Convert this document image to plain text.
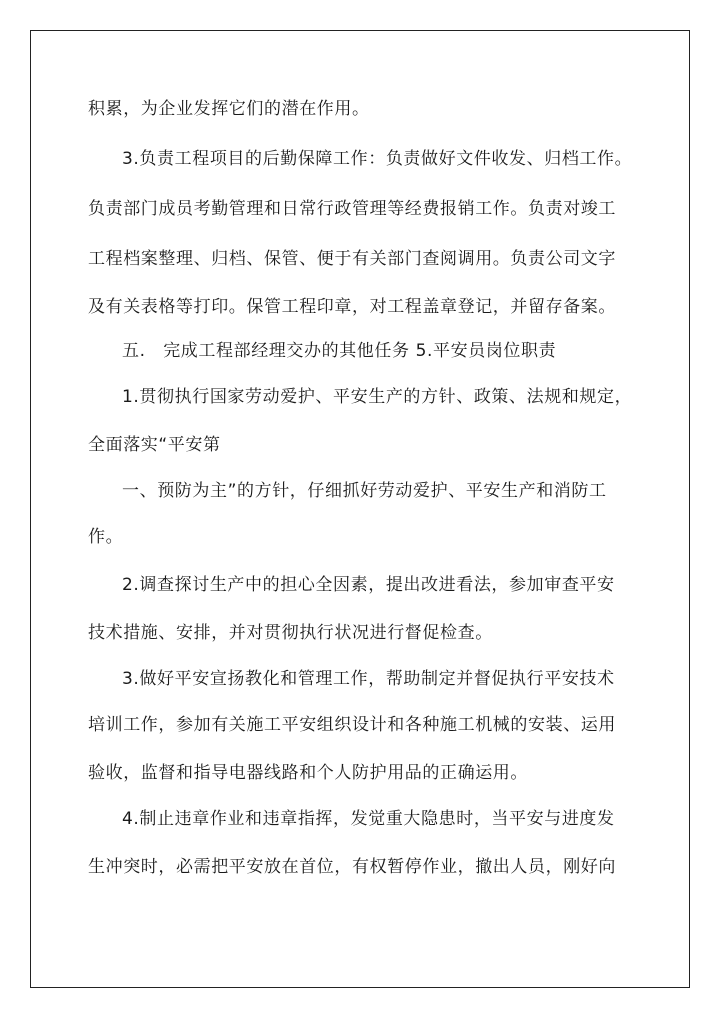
积累，为企业发挥它们的潜在作用。
3.负责工程项目的后勤保障工作：负责做好文件收发、归档工作。
负责部门成员考勤管理和日常行政管理等经费报销工作。负责对竣工
工程档案整理、归档、保管、便于有关部门查阅调用。负责公司文字
及有关表格等打印。保管工程印章，对工程盖章登记，并留存备案。
五.　完成工程部经理交办的其他任务 5.平安员岗位职责
1.贯彻执行国家劳动爱护、平安生产的方针、政策、法规和规定，
全面落实“平安第
一、预防为主”的方针，仔细抓好劳动爱护、平安生产和消防工
作。
2.调查探讨生产中的担心全因素，提出改进看法，参加审查平安
技术措施、安排，并对贯彻执行状况进行督促检查。
3.做好平安宣扬教化和管理工作，帮助制定并督促执行平安技术
培训工作，参加有关施工平安组织设计和各种施工机械的安装、运用
验收，监督和指导电器线路和个人防护用品的正确运用。
4.制止违章作业和违章指挥，发觉重大隐患时，当平安与进度发
生冲突时，必需把平安放在首位，有权暂停作业，撤出人员，刚好向
